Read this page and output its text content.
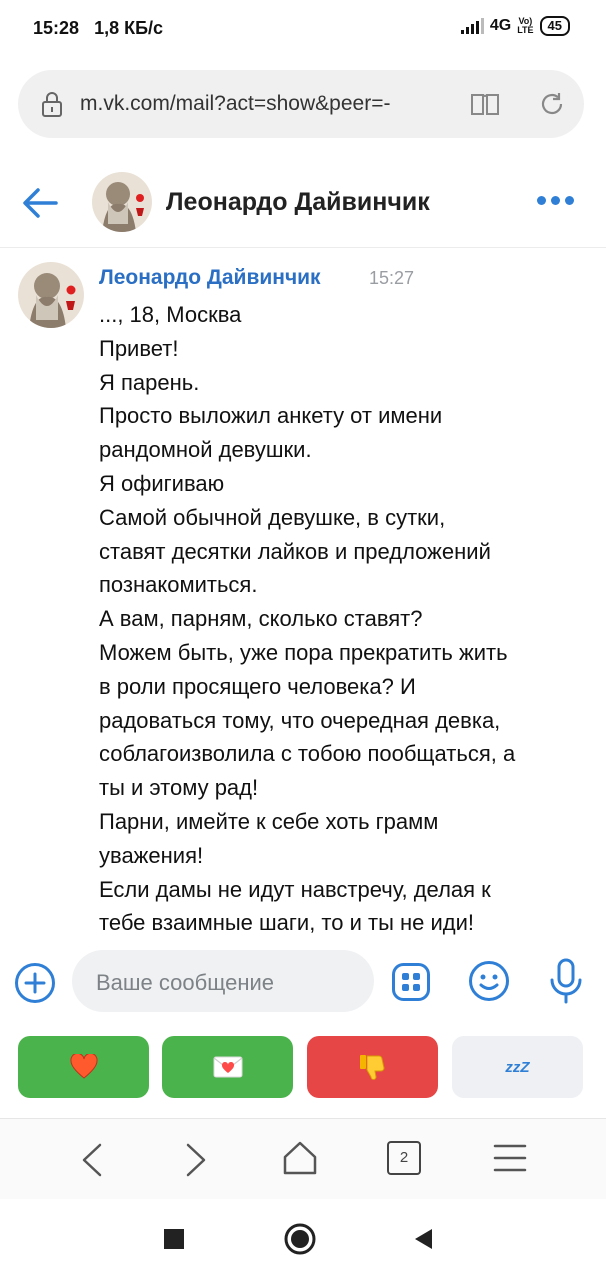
15:28 1,8 КБ/с	4G Vo)
LTE	45
m.vk.com/mail?act=show&peer=-
Леонардо Дайвинчик
Леонардо Дайвинчик	15:27
..., 18, Москва
Привет!
Я парень.
Просто выложил анкету от имени
рандомной девушки.
Я офигиваю
Самой обычной девушке, в сутки,
ставят десятки лайков и предложений
познакомиться.
А вам, парням, сколько ставят?
Можем быть, уже пора прекратить жить
в роли просящего человека? И
радоваться тому, что очередная девка,
соблагоизволила с тобою пообщаться, а
ты и этому рад!
Парни, имейте к себе хоть грамм
уважения!
Если дамы не идут навстречу, делая к
тебе взаимные шаги, то и ты не иди!
Ваше сообщение
zzZ
2
